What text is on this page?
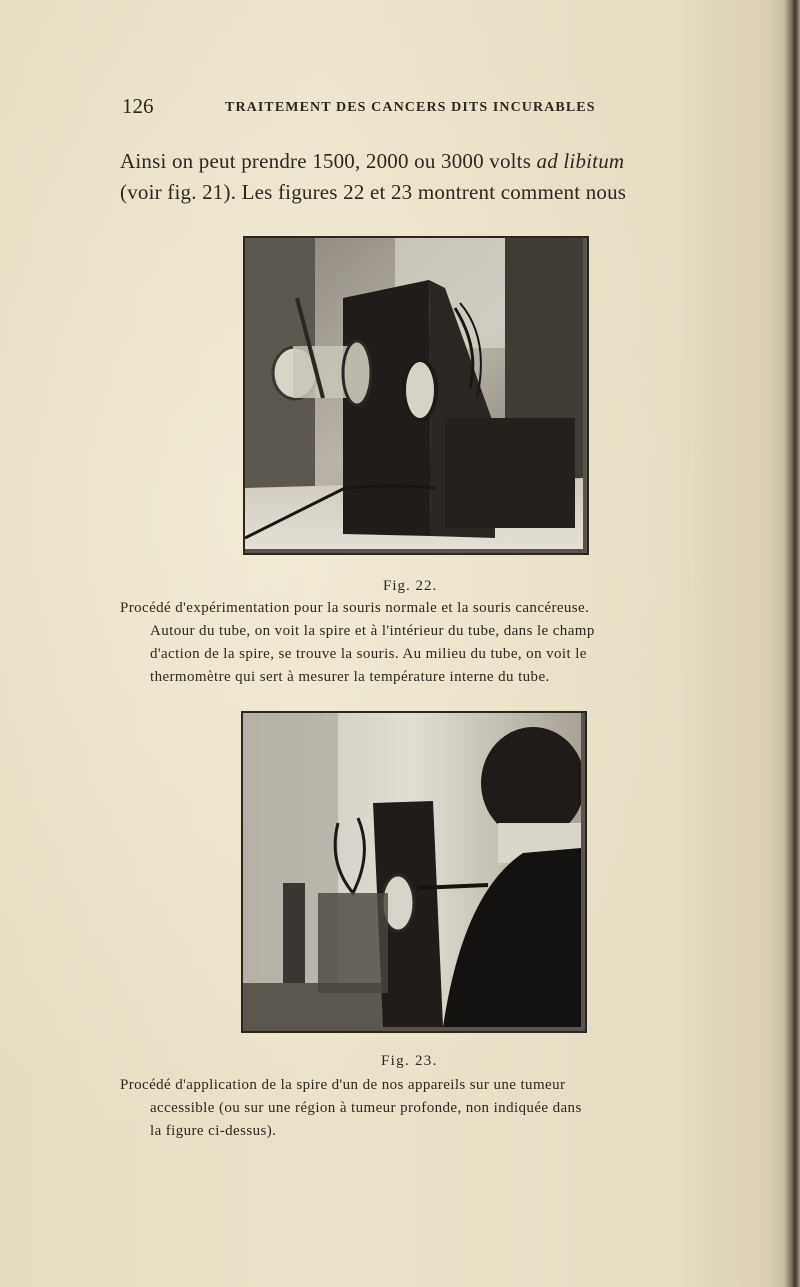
126	TRAITEMENT DES CANCERS DITS INCURABLES

Ainsi on peut prendre 1500, 2000 ou 3000 volts ad libitum
(voir fig. 21). Les figures 22 et 23 montrent comment nous

Fig. 22.

Procédé d'expérimentation pour la souris normale et la souris cancéreuse.
Autour du tube, on voit la spire et à l'intérieur du tube, dans le champ
d'action de la spire, se trouve la souris. Au milieu du tube, on voit le
thermomètre qui sert à mesurer la température interne du tube.

Fig. 23.

Procédé d'application de la spire d'un de nos appareils sur une tumeur
accessible (ou sur une région à tumeur profonde, non indiquée dans
la figure ci-dessus).
